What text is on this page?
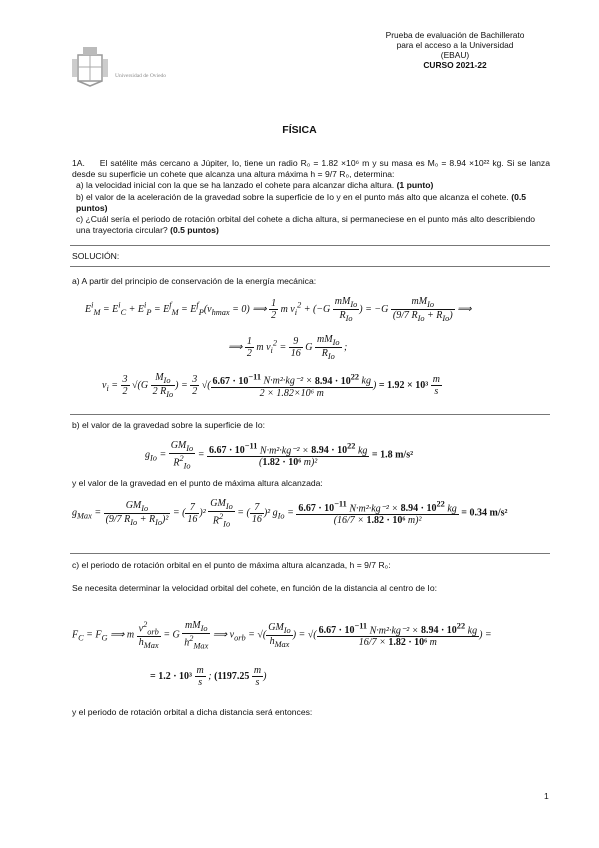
Universidad de Oviedo
Prueba de evaluación de Bachillerato
para el acceso a la Universidad
(EBAU)
CURSO 2021-22
FÍSICA
1A. El satélite más cercano a Júpiter, Io, tiene un radio R₀ = 1.82 ×10⁶ m y su masa es M₀ = 8.94 ×10²² kg. Si se lanza desde su superficie un cohete que alcanza una altura máxima h = 9/7 R₀, determina:
a) la velocidad inicial con la que se ha lanzado el cohete para alcanzar dicha altura. (1 punto)
b) el valor de la aceleración de la gravedad sobre la superficie de Io y en el punto más alto que alcanza el cohete. (0.5 puntos)
c) ¿Cuál sería el periodo de rotación orbital del cohete a dicha altura, si permaneciese en el punto más alto describiendo una trayectoria circular? (0.5 puntos)
SOLUCIÓN:
a) A partir del principio de conservación de la energía mecánica:
$E^i_M = E^i_C + E^i_P = E^f_M = E^f_P(v_{hmax} = 0)$ ⟹ $\frac{1}{2}$ m $v_i^2 + (-G \frac{mM_{Io}}{R_{Io}}$ ) = $-G \frac{mM_{Io}}{(9/7 R_{Io} + R_{Io})}$ ⟹
⟹ $\frac{1}{2}$ m $v_i^2 = \frac{9}{16}$ G $\frac{mM_{Io}}{R_{Io}}$ ;
$v_i = \frac{3}{2} √(G \frac{M_{Io}}{2 R_{Io}}$ ) = $\frac{3}{2}$ √( $\frac{6.67 \cdot 10^{-11} N\cdot m^2\cdot kg^{-2} \times 8.94 \cdot 10^{22} kg}{\text{2 × 1.82×10⁶ m}}$ ) = $1.92 \times 10^3 \frac{m}{s}$
b) el valor de la gravedad sobre la superficie de Io:
$g_{Io} = \frac{GM_{Io}}{R^2_{Io}} = \frac{6.67 \cdot 10^{-11} N\cdot m^2\cdot kg^{-2} \times 8.94 \cdot 10^{22} kg}{\text{(1.82 · 10⁶ m)²}} = 1.8$ m/s²
y el valor de la gravedad en el punto de máxima altura alcanzada:
$g_{Max} = \frac{GM_{Io}}{(9/7 R_{Io} + R_{Io})^2}$ = ( $\frac{7}{16} )^2 \frac{GM_{Io}}{R^2_{Io}}$ = ( $\frac{7}{16} )^2$ $g_{Io} = \frac{6.67 \cdot 10^{-11} N\cdot m^2\cdot kg^{-2} \times 8.94 \cdot 10^{22} kg}{\text{(16/7 × 1.82 · 10⁶ m)²}} = 0.34$ m/s²
c) el periodo de rotación orbital en el punto de máxima altura alcanzada, h = 9/7 R₀:
Se necesita determinar la velocidad orbital del cohete, en función de la distancia al centro de Io:
$F_C = F_G$ ⟹ m $\frac{v^2_{orb}}{h_{Max}} = G \frac{mM_{Io}}{h^2_{Max}}$ ⟹ $v_{orb}$ = √( $\frac{GM_{Io}}{h_{Max}}$ ) = √( $\frac{6.67 \cdot 10^{-11} N\cdot m^2\cdot kg^{-2} \times 8.94 \cdot 10^{22} kg}{\text{16/7 × 1.82 · 10⁶ m}}$ ) =
= $1.2 \cdot 10^3 \frac{m}{s}$ ; ($1197.25 \frac{m}{s}$ )
y el periodo de rotación orbital a dicha distancia será entonces:
1
